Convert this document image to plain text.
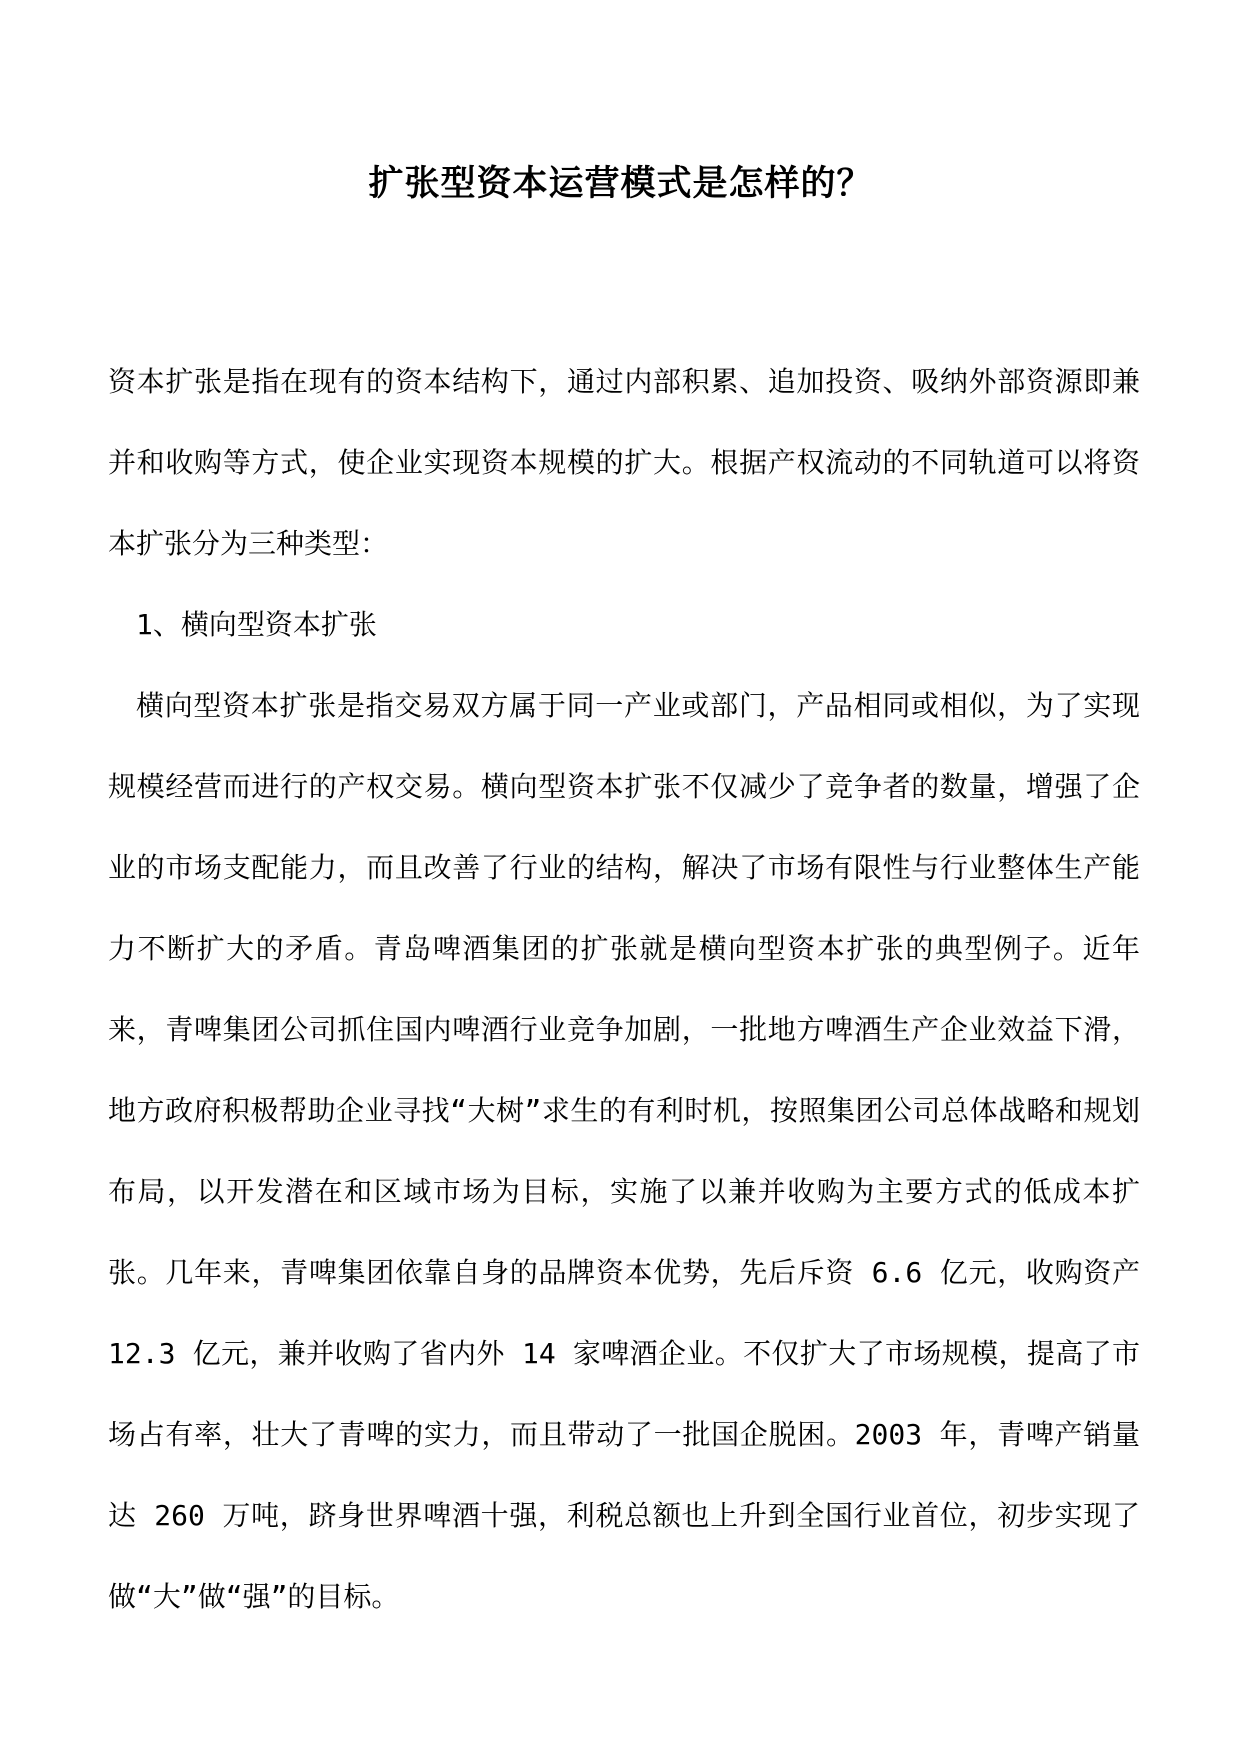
扩张型资本运营模式是怎样的？

资本扩张是指在现有的资本结构下，通过内部积累、追加投资、吸纳外部资源即兼并和收购等方式，使企业实现资本规模的扩大。根据产权流动的不同轨道可以将资本扩张分为三种类型：

1、横向型资本扩张

横向型资本扩张是指交易双方属于同一产业或部门，产品相同或相似，为了实现规模经营而进行的产权交易。横向型资本扩张不仅减少了竞争者的数量，增强了企业的市场支配能力，而且改善了行业的结构，解决了市场有限性与行业整体生产能力不断扩大的矛盾。青岛啤酒集团的扩张就是横向型资本扩张的典型例子。近年来，青啤集团公司抓住国内啤酒行业竞争加剧，一批地方啤酒生产企业效益下滑，地方政府积极帮助企业寻找“大树”求生的有利时机，按照集团公司总体战略和规划布局，以开发潜在和区域市场为目标，实施了以兼并收购为主要方式的低成本扩张。几年来，青啤集团依靠自身的品牌资本优势，先后斥资 6.6 亿元，收购资产 12.3 亿元，兼并收购了省内外 14 家啤酒企业。不仅扩大了市场规模，提高了市场占有率，壮大了青啤的实力，而且带动了一批国企脱困。2003 年，青啤产销量达 260 万吨，跻身世界啤酒十强，利税总额也上升到全国行业首位，初步实现了做“大”做“强”的目标。
